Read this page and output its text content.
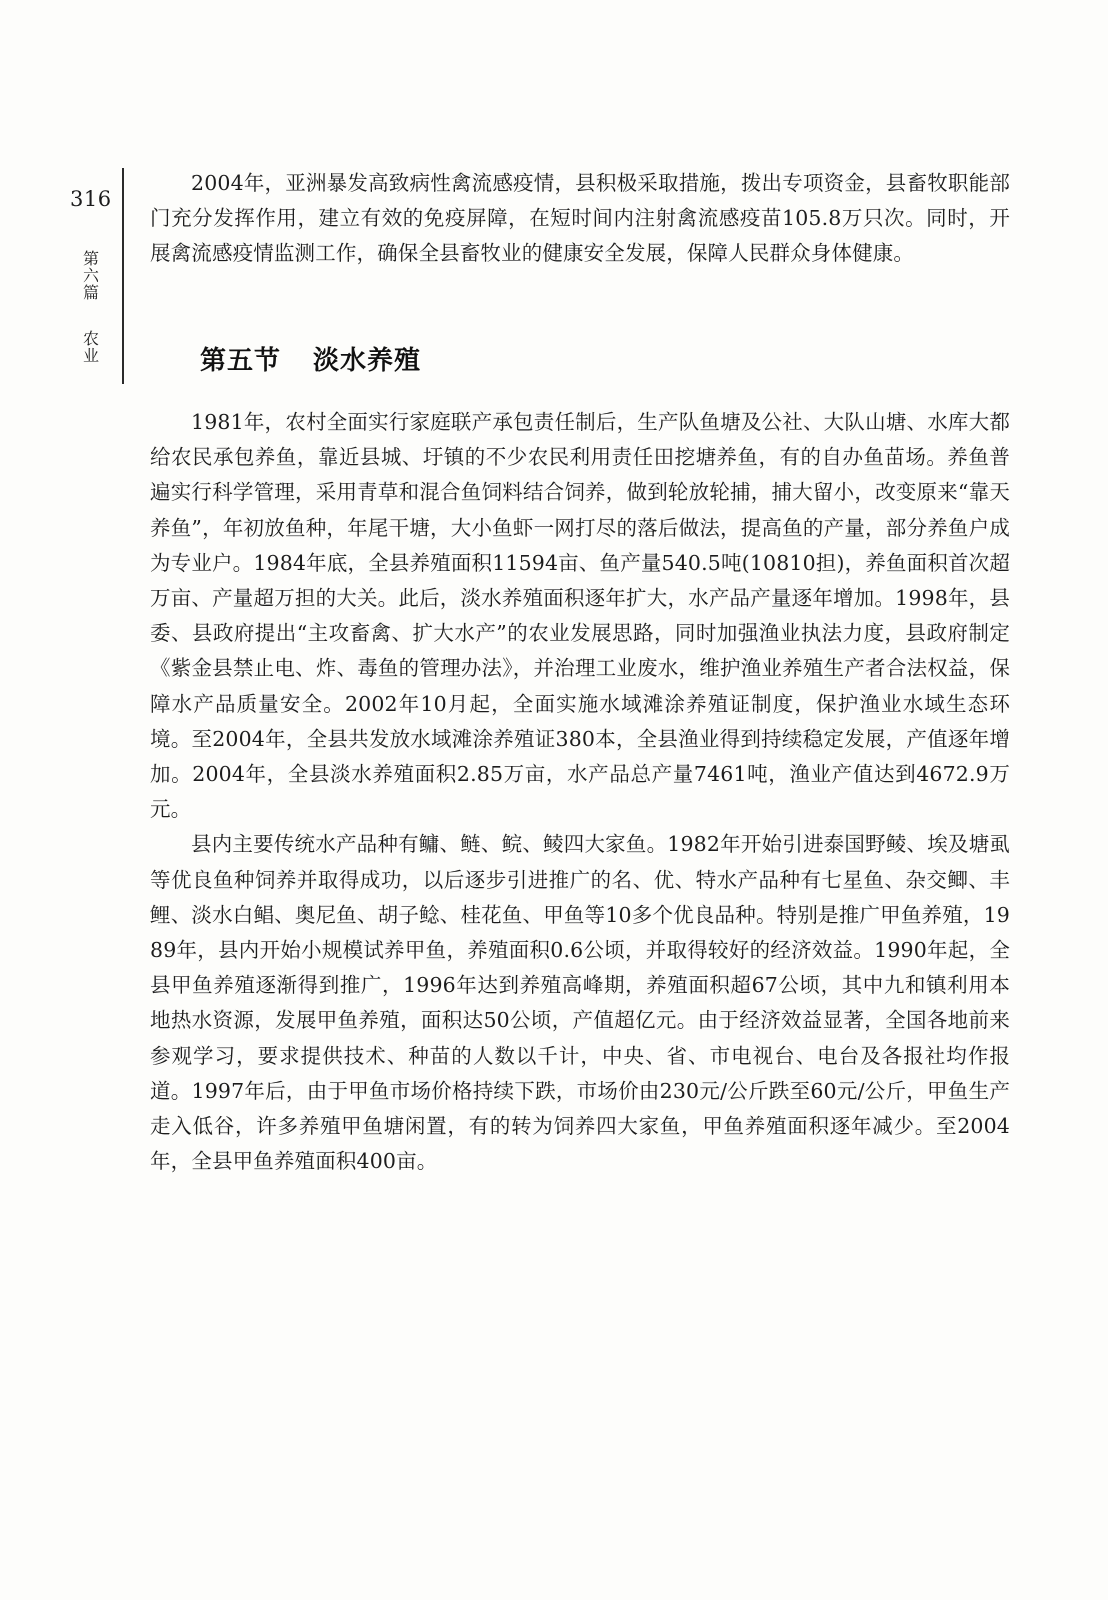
316
第六篇
农业

2004年，亚洲暴发高致病性禽流感疫情，县积极采取措施，拨出专项资金，县畜牧职能部门充分发挥作用，建立有效的免疫屏障，在短时间内注射禽流感疫苗105.8万只次。同时，开展禽流感疫情监测工作，确保全县畜牧业的健康安全发展，保障人民群众身体健康。

第五节 淡水养殖

1981年，农村全面实行家庭联产承包责任制后，生产队鱼塘及公社、大队山塘、水库大都给农民承包养鱼，靠近县城、圩镇的不少农民利用责任田挖塘养鱼，有的自办鱼苗场。养鱼普遍实行科学管理，采用青草和混合鱼饲料结合饲养，做到轮放轮捕，捕大留小，改变原来“靠天养鱼”，年初放鱼种，年尾干塘，大小鱼虾一网打尽的落后做法，提高鱼的产量，部分养鱼户成为专业户。1984年底，全县养殖面积11594亩、鱼产量540.5吨(10810担)，养鱼面积首次超万亩、产量超万担的大关。此后，淡水养殖面积逐年扩大，水产品产量逐年增加。1998年，县委、县政府提出“主攻畜禽、扩大水产”的农业发展思路，同时加强渔业执法力度，县政府制定《紫金县禁止电、炸、毒鱼的管理办法》，并治理工业废水，维护渔业养殖生产者合法权益，保障水产品质量安全。2002年10月起，全面实施水域滩涂养殖证制度，保护渔业水域生态环境。至2004年，全县共发放水域滩涂养殖证380本，全县渔业得到持续稳定发展，产值逐年增加。2004年，全县淡水养殖面积2.85万亩，水产品总产量7461吨，渔业产值达到4672.9万元。

县内主要传统水产品种有鳙、鲢、鲩、鲮四大家鱼。1982年开始引进泰国野鲮、埃及塘虱等优良鱼种饲养并取得成功，以后逐步引进推广的名、优、特水产品种有七星鱼、杂交鲫、丰鲤、淡水白鲳、奥尼鱼、胡子鲶、桂花鱼、甲鱼等10多个优良品种。特别是推广甲鱼养殖，1989年，县内开始小规模试养甲鱼，养殖面积0.6公顷，并取得较好的经济效益。1990年起，全县甲鱼养殖逐渐得到推广，1996年达到养殖高峰期，养殖面积超67公顷，其中九和镇利用本地热水资源，发展甲鱼养殖，面积达50公顷，产值超亿元。由于经济效益显著，全国各地前来参观学习，要求提供技术、种苗的人数以千计，中央、省、市电视台、电台及各报社均作报道。1997年后，由于甲鱼市场价格持续下跌，市场价由230元/公斤跌至60元/公斤，甲鱼生产走入低谷，许多养殖甲鱼塘闲置，有的转为饲养四大家鱼，甲鱼养殖面积逐年减少。至2004年，全县甲鱼养殖面积400亩。
